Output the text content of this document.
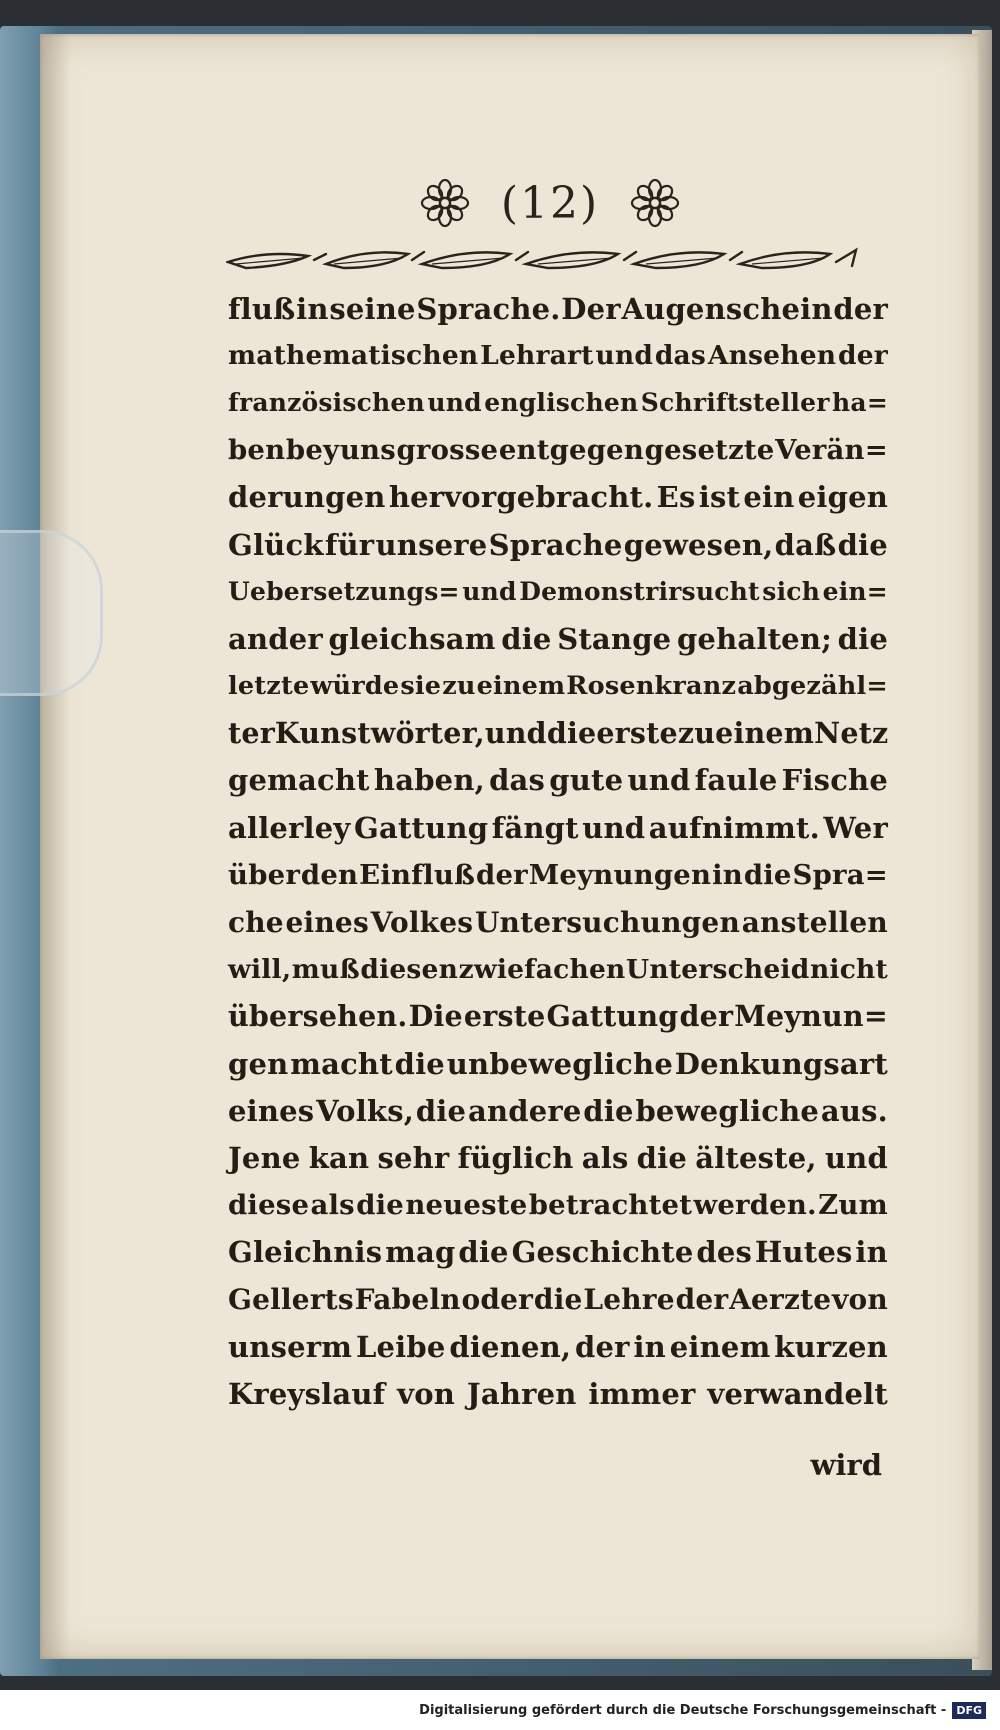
(12)
fluß in seine Sprache. Der Augenschein der
mathematischen Lehrart und das Ansehen der
französischen und englischen Schriftsteller ha=
ben bey uns grosse entgegen gesetzte Verän=
derungen hervorgebracht. Es ist ein eigen
Glück für unsere Sprache gewesen, daß die
Uebersetzungs= und Demonstrirsucht sich ein=
ander gleichsam die Stange gehalten; die
letzte würde sie zu einem Rosenkranz abgezähl=
ter Kunstwörter, und die erste zu einem Netz
gemacht haben, das gute und faule Fische
allerley Gattung fängt und aufnimmt. Wer
über den Einfluß der Meynungen in die Spra=
che eines Volkes Untersuchungen anstellen
will, muß diesen zwiefachen Unterscheid nicht
übersehen. Die erste Gattung der Meynun=
gen macht die unbewegliche Denkungsart
eines Volks, die andere die bewegliche aus.
Jene kan sehr füglich als die älteste, und
diese als die neueste betrachtet werden. Zum
Gleichnis mag die Geschichte des Hutes in
Gellerts Fabeln oder die Lehre der Aerzte von
unserm Leibe dienen, der in einem kurzen
Kreyslauf von Jahren immer verwandelt
wird
Digitalisierung gefördert durch die Deutsche Forschungsgemeinschaft - DFG
